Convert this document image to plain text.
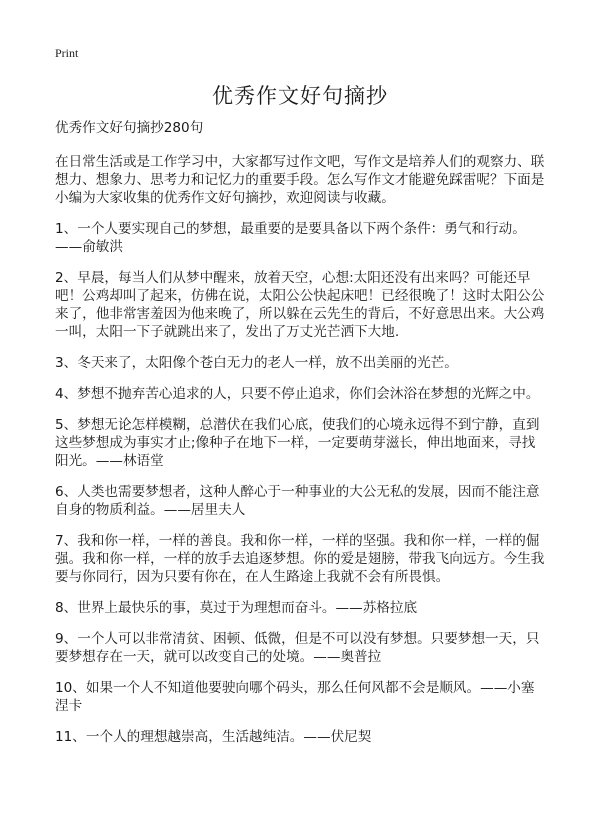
Print
优秀作文好句摘抄

优秀作文好句摘抄280句

在日常生活或是工作学习中，大家都写过作文吧，写作文是培养人们的观察力、联想力、想象力、思考力和记忆力的重要手段。怎么写作文才能避免踩雷呢？下面是小编为大家收集的优秀作文好句摘抄，欢迎阅读与收藏。

1、一个人要实现自己的梦想，最重要的是要具备以下两个条件：勇气和行动。——俞敏洪

2、早晨，每当人们从梦中醒来，放着天空，心想:太阳还没有出来吗？可能还早吧！公鸡却叫了起来，仿佛在说，太阳公公快起床吧！已经很晚了！这时太阳公公来了，他非常害羞因为他来晚了，所以躲在云先生的背后，不好意思出来。大公鸡一叫，太阳一下子就跳出来了，发出了万丈光芒洒下大地.

3、冬天来了，太阳像个苍白无力的老人一样，放不出美丽的光芒。

4、梦想不抛弃苦心追求的人，只要不停止追求，你们会沐浴在梦想的光辉之中。

5、梦想无论怎样模糊，总潜伏在我们心底，使我们的心境永远得不到宁静，直到这些梦想成为事实才止;像种子在地下一样，一定要萌芽滋长，伸出地面来，寻找阳光。——林语堂

6、人类也需要梦想者，这种人醉心于一种事业的大公无私的发展，因而不能注意自身的物质利益。——居里夫人

7、我和你一样，一样的善良。我和你一样，一样的坚强。我和你一样，一样的倔强。我和你一样，一样的放手去追逐梦想。你的爱是翅膀，带我飞向远方。今生我要与你同行，因为只要有你在，在人生路途上我就不会有所畏惧。

8、世界上最快乐的事，莫过于为理想而奋斗。——苏格拉底

9、一个人可以非常清贫、困顿、低微，但是不可以没有梦想。只要梦想一天，只要梦想存在一天，就可以改变自己的处境。——奥普拉

10、如果一个人不知道他要驶向哪个码头，那么任何风都不会是顺风。——小塞涅卡

11、一个人的理想越崇高，生活越纯洁。——伏尼契
